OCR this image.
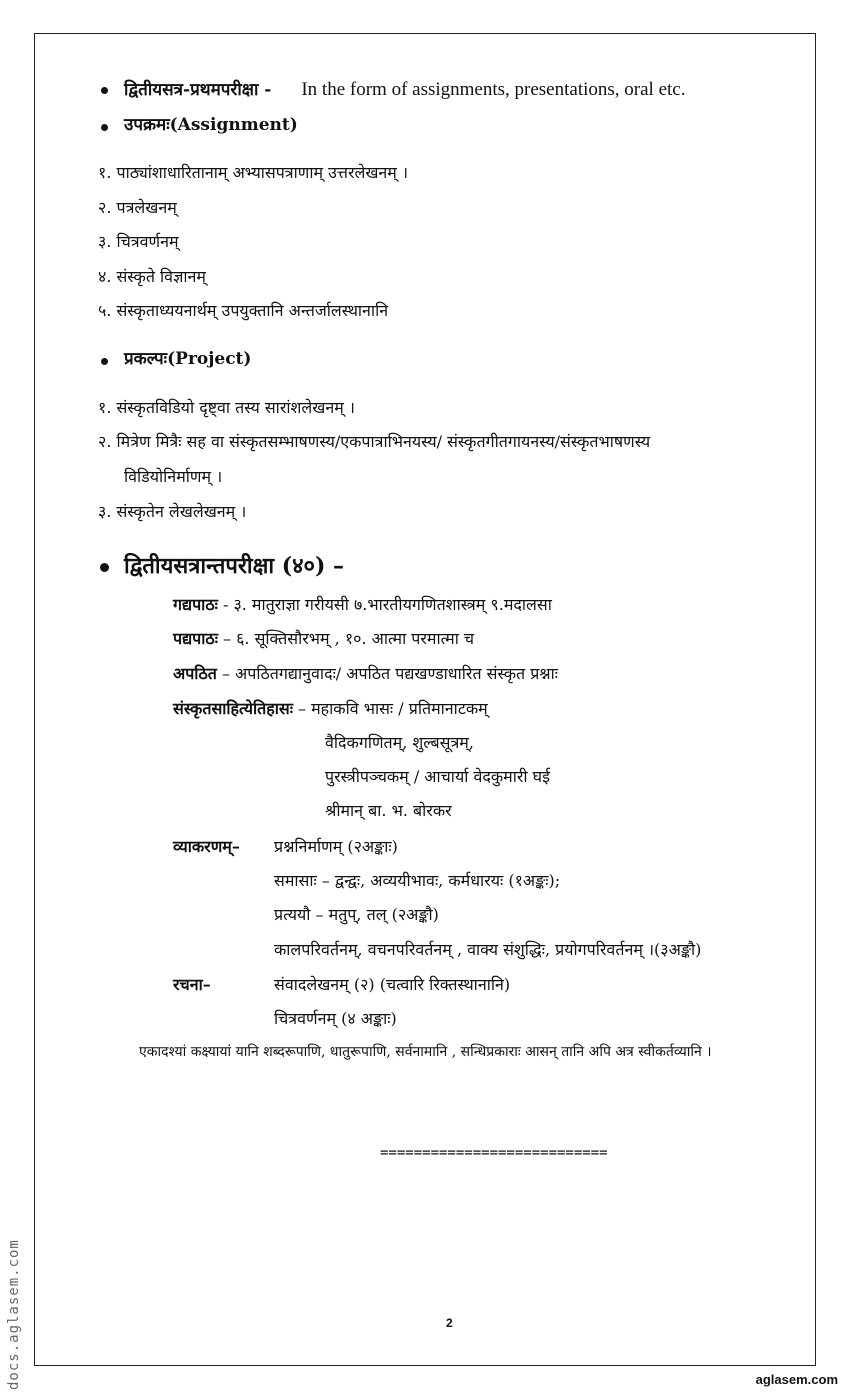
द्वितीयसत्र-प्रथमपरीक्षा - In the form of assignments, presentations, oral etc.
उपक्रमः(Assignment)
१. पाठ्यांशाधारितानाम् अभ्यासपत्राणाम् उत्तरलेखनम् ।
२. पत्रलेखनम्
३. चित्रवर्णनम्
४. संस्कृते विज्ञानम्
५. संस्कृताध्ययनार्थम् उपयुक्तानि अन्तर्जालस्थानानि
प्रकल्पः(Project)
१. संस्कृतविडियो दृष्ट्वा तस्य सारांशलेखनम् ।
२. मित्रेण मित्रैः सह वा संस्कृतसम्भाषणस्य/एकपात्राभिनयस्य/ संस्कृतगीतगायनस्य/संस्कृतभाषणस्य
विडियोनिर्माणम् ।
३. संस्कृतेन लेखलेखनम् ।
द्वितीयसत्रान्तपरीक्षा (४०) –
गद्यपाठः - ३. मातुराज्ञा गरीयसी ७.भारतीयगणितशास्त्रम् ९.मदालसा
पद्यपाठः – ६. सूक्तिसौरभम् , १०. आत्मा परमात्मा च
अपठित – अपठितगद्यानुवादः/ अपठित पद्यखण्डाधारित संस्कृत प्रश्नाः
संस्कृतसाहित्येतिहासः – महाकवि भासः / प्रतिमानाटकम्
वैदिकगणितम्, शुल्बसूत्रम्,
पुरस्त्रीपञ्चकम् / आचार्या वेदकुमारी घई
श्रीमान् बा. भ. बोरकर
व्याकरणम्– प्रश्ननिर्माणम् (२अङ्काः)
समासाः – द्वन्द्वः, अव्ययीभावः, कर्मधारयः (१अङ्कः);
प्रत्ययौ – मतुप्, तल् (२अङ्कौ)
कालपरिवर्तनम्, वचनपरिवर्तनम् , वाक्य संशुद्धिः, प्रयोगपरिवर्तनम् ।(३अङ्कौ)
रचना–	संवादलेखनम् (२) (चत्वारि रिक्तस्थानानि)
चित्रवर्णनम् (४ अङ्काः)
एकादश्यां कक्ष्यायां यानि शब्दरूपाणि, धातुरूपाणि, सर्वनामानि , सन्धिप्रकाराः आसन् तानि अपि अत्र स्वीकर्तव्यानि ।
===========================
2
docs.aglasem.com	aglasem.com
